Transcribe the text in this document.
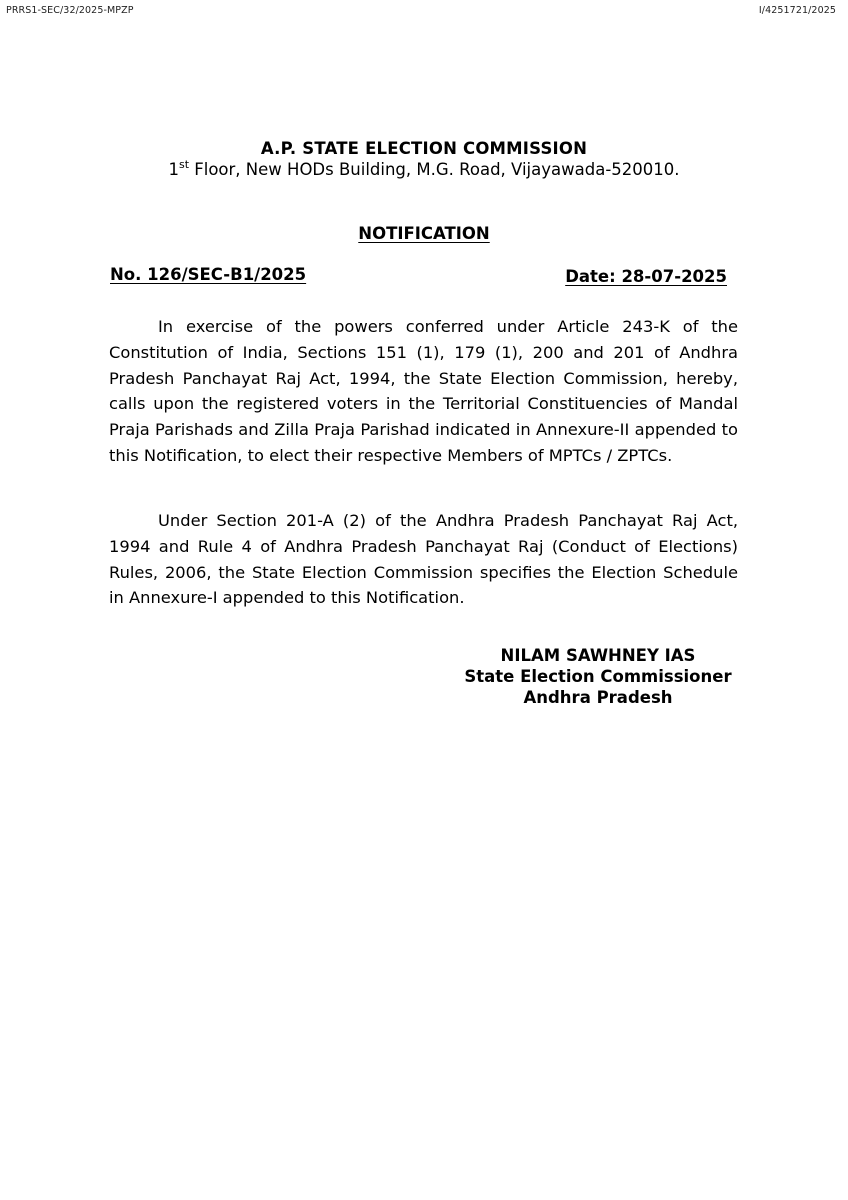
PRRS1-SEC/32/2025-MPZP	I/4251721/2025
A.P. STATE ELECTION COMMISSION
1st Floor, New HODs Building, M.G. Road, Vijayawada-520010.
NOTIFICATION
No. 126/SEC-B1/2025	Date: 28-07-2025

In exercise of the powers conferred under Article 243-K of the Constitution of India, Sections 151 (1), 179 (1), 200 and 201 of Andhra Pradesh Panchayat Raj Act, 1994, the State Election Commission, hereby, calls upon the registered voters in the Territorial Constituencies of Mandal Praja Parishads and Zilla Praja Parishad indicated in Annexure-II appended to this Notification, to elect their respective Members of MPTCs / ZPTCs.

Under Section 201-A (2) of the Andhra Pradesh Panchayat Raj Act, 1994 and Rule 4 of Andhra Pradesh Panchayat Raj (Conduct of Elections) Rules, 2006, the State Election Commission specifies the Election Schedule in Annexure-I appended to this Notification.

NILAM SAWHNEY IAS
State Election Commissioner
Andhra Pradesh
